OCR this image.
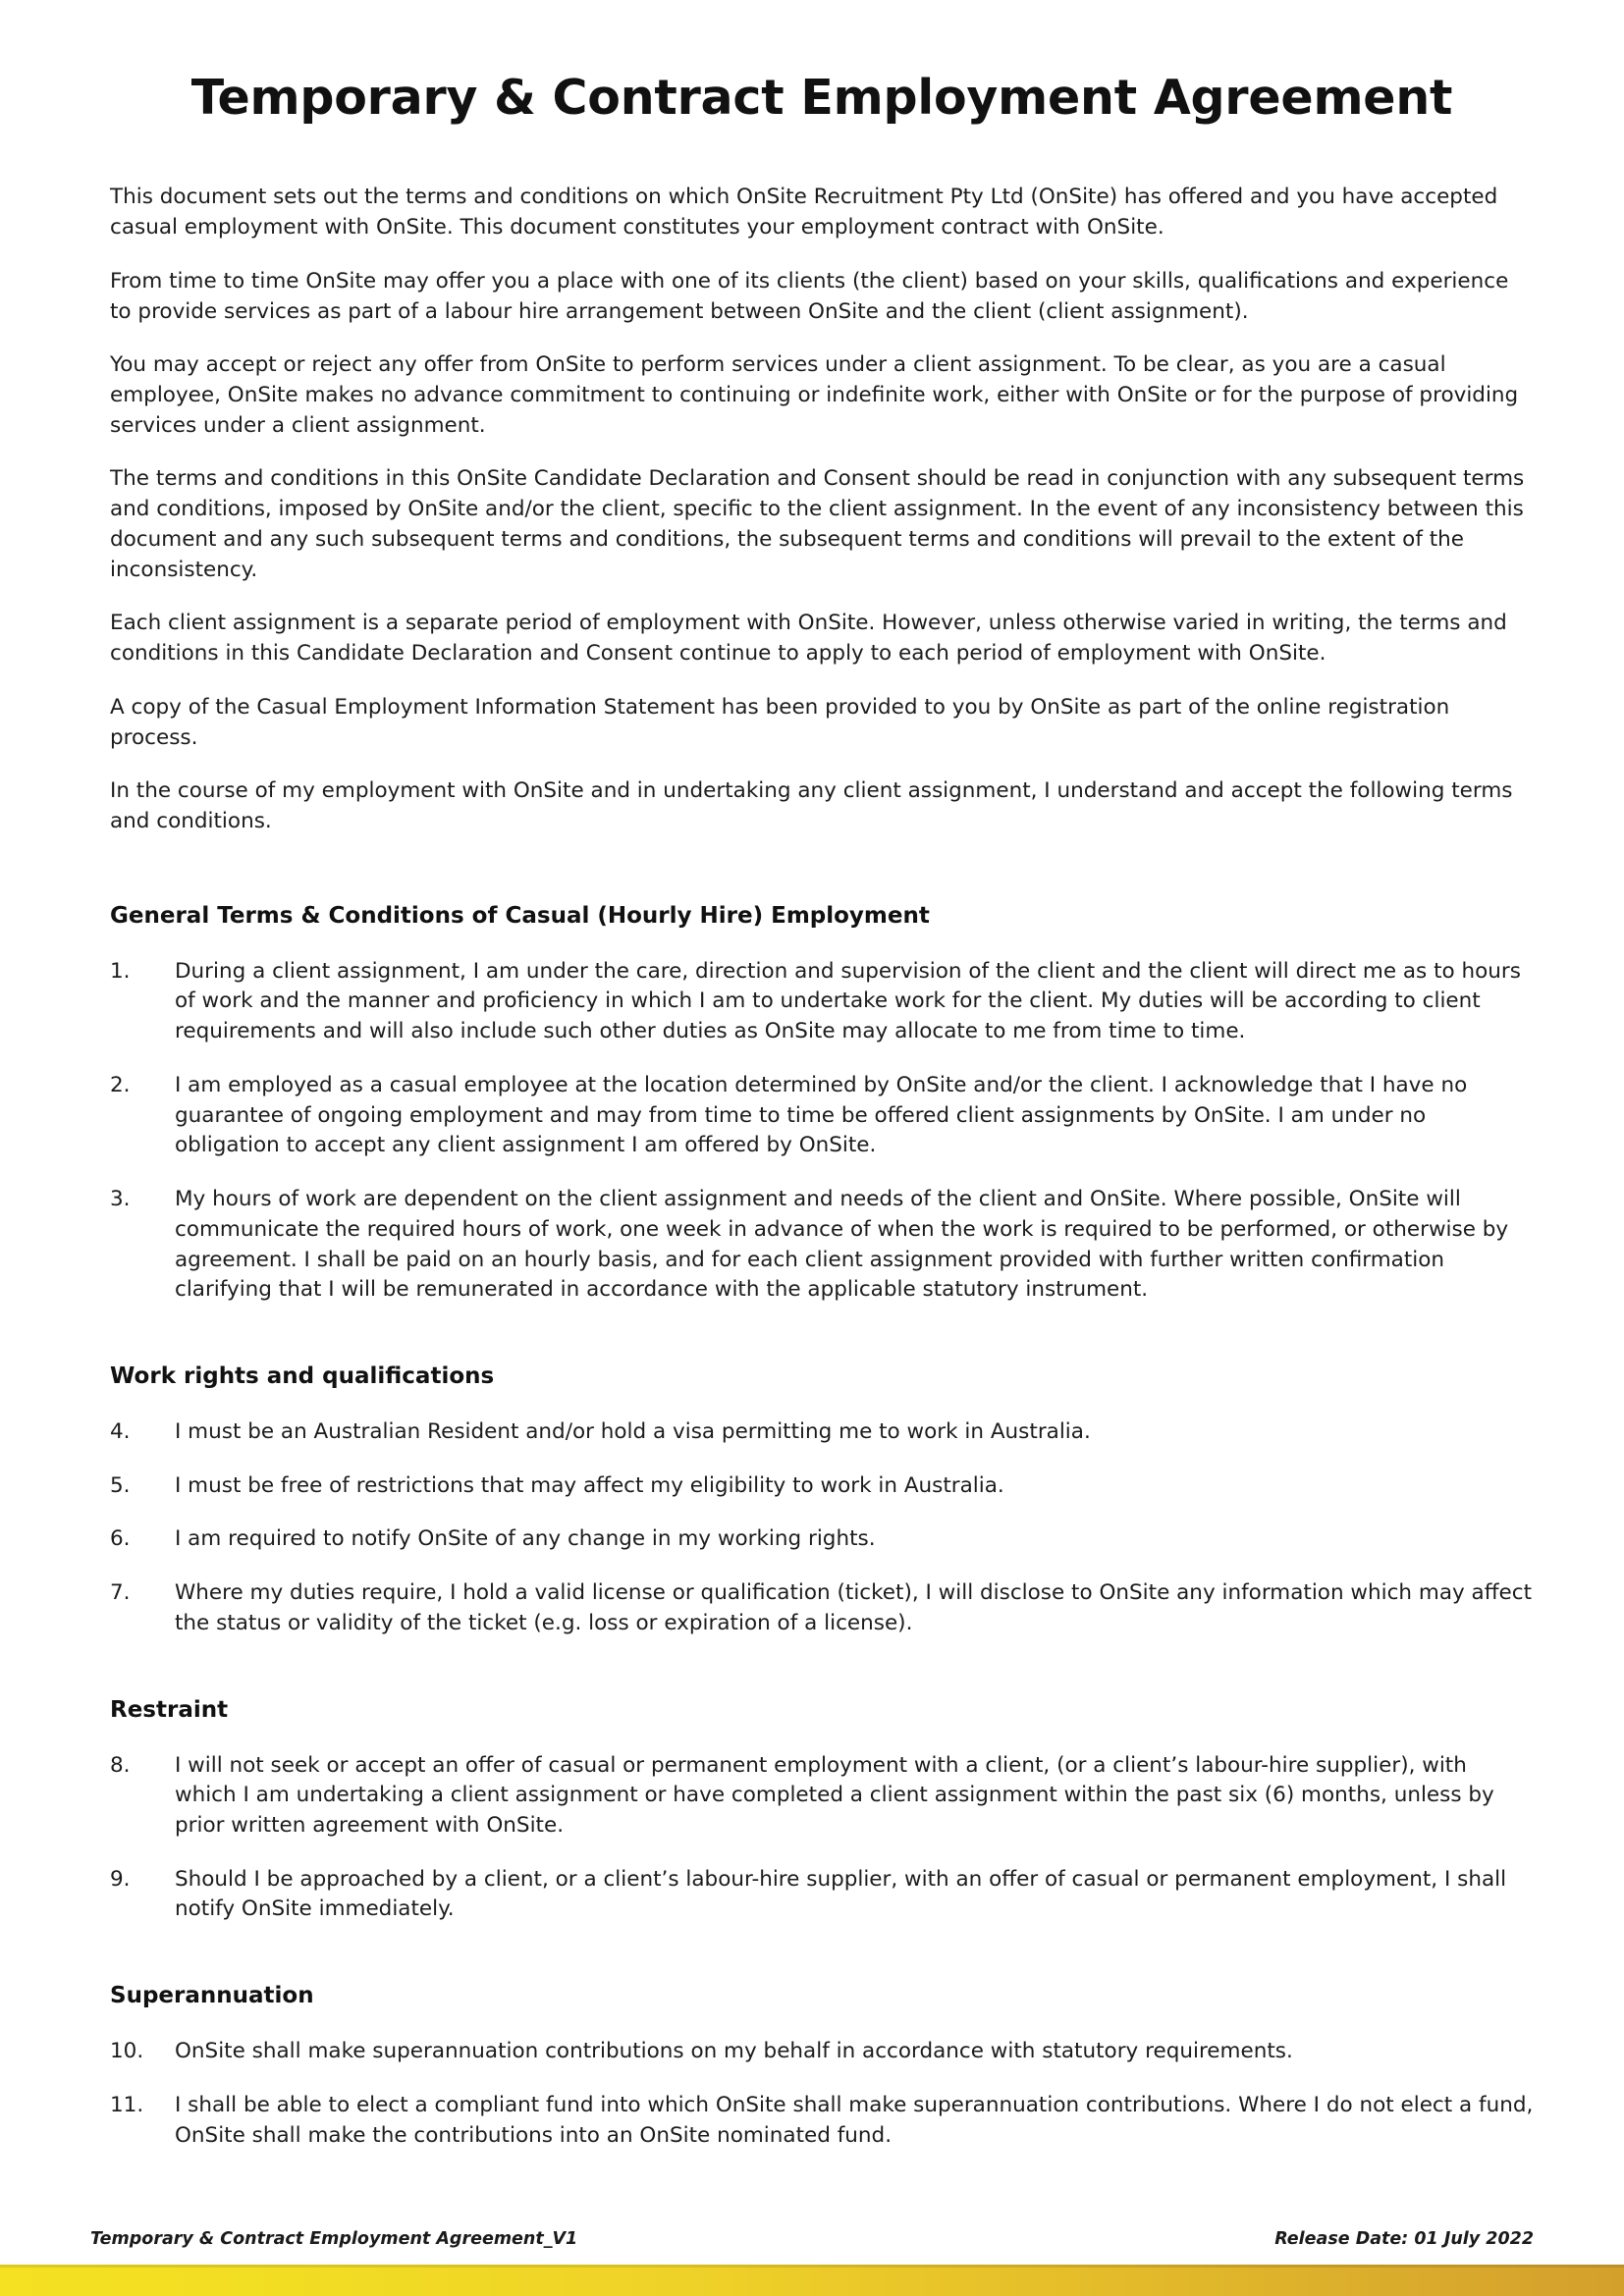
Temporary & Contract Employment Agreement

This document sets out the terms and conditions on which OnSite Recruitment Pty Ltd (OnSite) has offered and you have accepted casual employment with OnSite. This document constitutes your employment contract with OnSite.

From time to time OnSite may offer you a place with one of its clients (the client) based on your skills, qualifications and experience to provide services as part of a labour hire arrangement between OnSite and the client (client assignment).

You may accept or reject any offer from OnSite to perform services under a client assignment. To be clear, as you are a casual employee, OnSite makes no advance commitment to continuing or indefinite work, either with OnSite or for the purpose of providing services under a client assignment.

The terms and conditions in this OnSite Candidate Declaration and Consent should be read in conjunction with any subsequent terms and conditions, imposed by OnSite and/or the client, specific to the client assignment. In the event of any inconsistency between this document and any such subsequent terms and conditions, the subsequent terms and conditions will prevail to the extent of the inconsistency.

Each client assignment is a separate period of employment with OnSite. However, unless otherwise varied in writing, the terms and conditions in this Candidate Declaration and Consent continue to apply to each period of employment with OnSite.

A copy of the Casual Employment Information Statement has been provided to you by OnSite as part of the online registration process.

In the course of my employment with OnSite and in undertaking any client assignment, I understand and accept the following terms and conditions.

General Terms & Conditions of Casual (Hourly Hire) Employment
1.	During a client assignment, I am under the care, direction and supervision of the client and the client will direct me as to hours of work and the manner and proficiency in which I am to undertake work for the client. My duties will be according to client requirements and will also include such other duties as OnSite may allocate to me from time to time.
2.	I am employed as a casual employee at the location determined by OnSite and/or the client. I acknowledge that I have no guarantee of ongoing employment and may from time to time be offered client assignments by OnSite. I am under no obligation to accept any client assignment I am offered by OnSite.
3.	My hours of work are dependent on the client assignment and needs of the client and OnSite. Where possible, OnSite will communicate the required hours of work, one week in advance of when the work is required to be performed, or otherwise by agreement. I shall be paid on an hourly basis, and for each client assignment provided with further written confirmation clarifying that I will be remunerated in accordance with the applicable statutory instrument.
Work rights and qualifications
4.	I must be an Australian Resident and/or hold a visa permitting me to work in Australia.
5.	I must be free of restrictions that may affect my eligibility to work in Australia.
6.	I am required to notify OnSite of any change in my working rights.
7.	Where my duties require, I hold a valid license or qualification (ticket), I will disclose to OnSite any information which may affect the status or validity of the ticket (e.g. loss or expiration of a license).
Restraint
8.	I will not seek or accept an offer of casual or permanent employment with a client, (or a client’s labour-hire supplier), with which I am undertaking a client assignment or have completed a client assignment within the past six (6) months, unless by prior written agreement with OnSite.
9.	Should I be approached by a client, or a client’s labour-hire supplier, with an offer of casual or permanent employment, I shall notify OnSite immediately.
Superannuation
10.	OnSite shall make superannuation contributions on my behalf in accordance with statutory requirements.
11.	I shall be able to elect a compliant fund into which OnSite shall make superannuation contributions. Where I do not elect a fund, OnSite shall make the contributions into an OnSite nominated fund.
Temporary & Contract Employment Agreement_V1	Release Date: 01 July 2022
